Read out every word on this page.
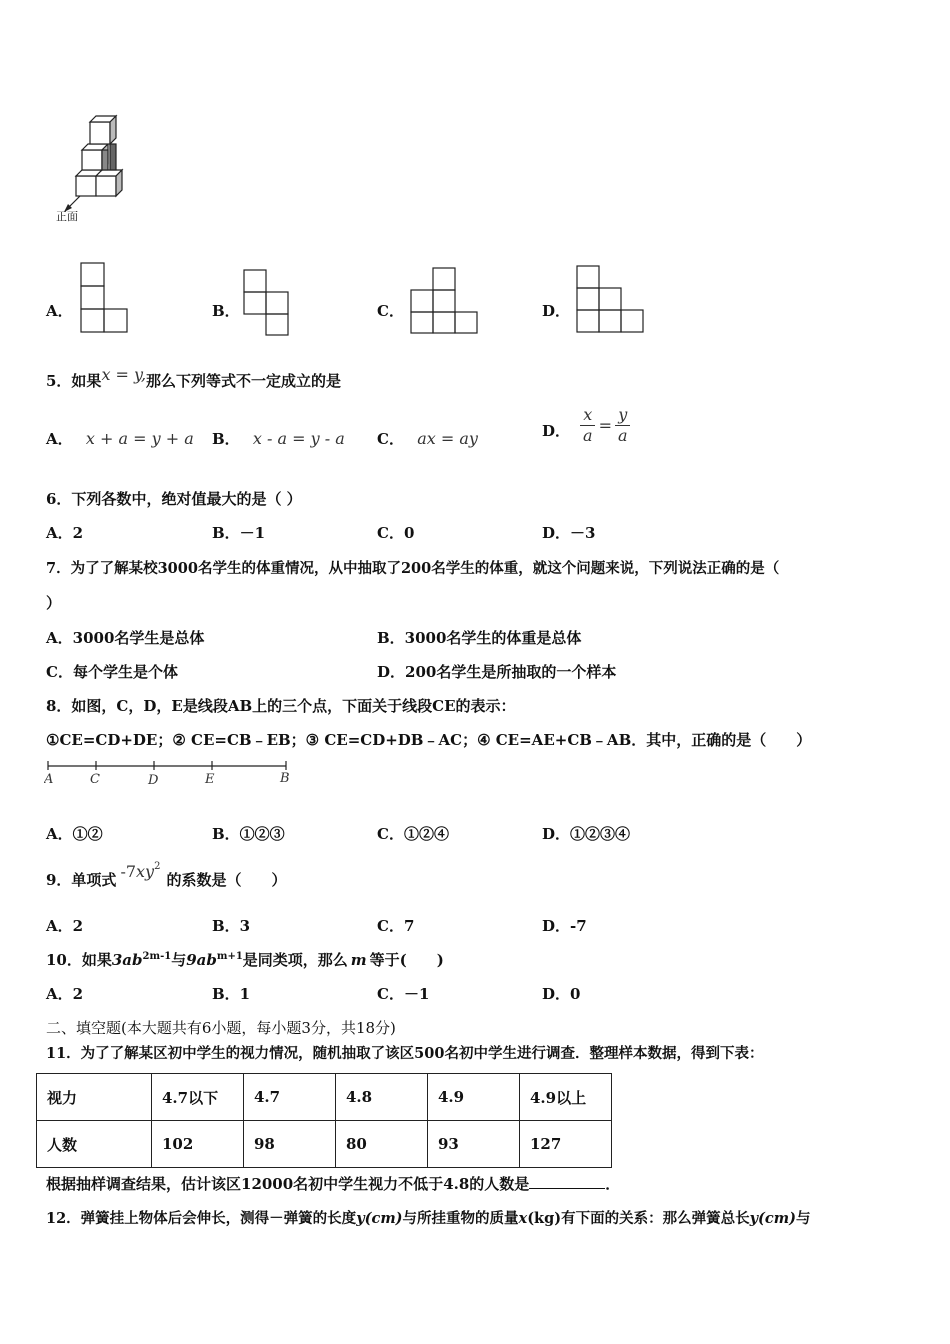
正面
A．	B．	C．	D．
5．如果x = y,那么下列等式不一定成立的是
A． x + a = y + a B． x - a = y - a C． ax = ay	D． $\frac{x}{a} = \frac{y}{a}$
6．下列各数中，绝对值最大的是（ ）
A．2	B．－1	C．0	D．－3
7．为了了解某校3000名学生的体重情况，从中抽取了200名学生的体重，就这个问题来说，下列说法正确的是（
）
A．3000名学生是总体	B．3000名学生的体重是总体
C．每个学生是个体	D．200名学生是所抽取的一个样本
8．如图，C，D，E是线段AB上的三个点，下面关于线段CE的表示：
①CE=CD+DE；② CE=CB﹣EB；③ CE=CD+DB﹣AC；④ CE=AE+CB﹣AB．其中，正确的是（　　）
A	C	D	E	B
A．①②	B．①②③	C．①②④	D．①②③④
9．单项式 $-7xy^2$的系数是（　　）
A．2	B．3	C．7	D．-7
10．如果$3ab^{2m-1}$与$9ab^{m+1}$是同类项，那么 m 等于(　　)
A．2	B．1	C．－1	D．0
二、填空题(本大题共有6小题，每小题3分，共18分)
11．为了了解某区初中学生的视力情况，随机抽取了该区500名初中学生进行调查．整理样本数据，得到下表：
视力	4.7以下	4.7	4.8	4.9	4.9以上
人数	102	98	80	93	127
根据抽样调查结果，估计该区12000名初中学生视力不低于4.8的人数是	．
12．弹簧挂上物体后会伸长，测得－弹簧的长度y(cm)与所挂重物的质量x(kg)有下面的关系：那么弹簧总长y(cm)与
